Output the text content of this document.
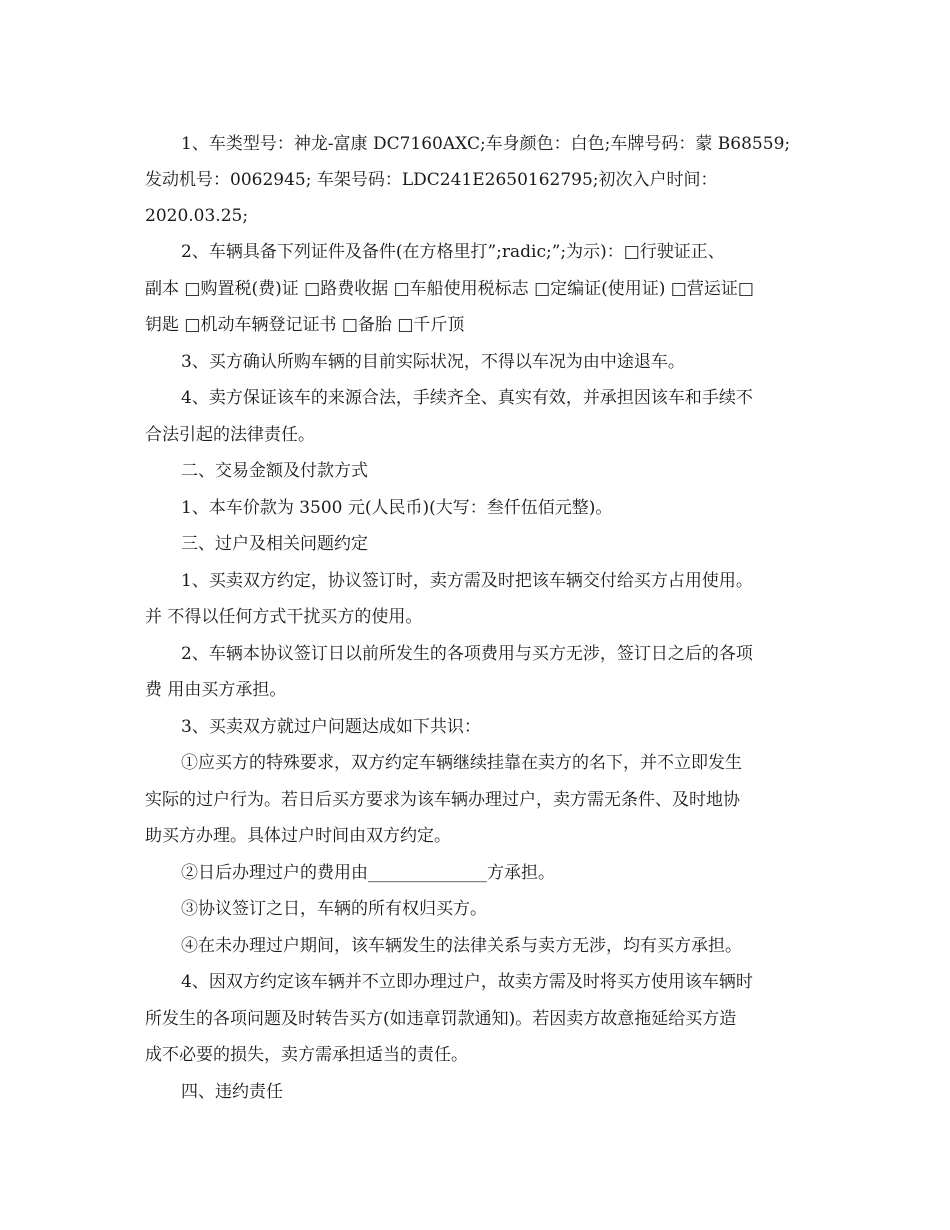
1、车类型号：神龙-富康 DC7160AXC;车身颜色：白色;车牌号码：蒙 B68559;
发动机号：0062945; 车架号码：LDC241E2650162795;初次入户时间：
2020.03.25;
2、车辆具备下列证件及备件(在方格里打”;radic;”;为示)：□行驶证正、
副本 □购置税(费)证 □路费收据 □车船使用税标志 □定编证(使用证) □营运证□
钥匙 □机动车辆登记证书 □备胎 □千斤顶
3、买方确认所购车辆的目前实际状况，不得以车况为由中途退车。
4、卖方保证该车的来源合法，手续齐全、真实有效，并承担因该车和手续不
合法引起的法律责任。
二、交易金额及付款方式
1、本车价款为 3500 元(人民币)(大写：叁仟伍佰元整)。
三、过户及相关问题约定
1、买卖双方约定，协议签订时，卖方需及时把该车辆交付给买方占用使用。
并 不得以任何方式干扰买方的使用。
2、车辆本协议签订日以前所发生的各项费用与买方无涉，签订日之后的各项
费 用由买方承担。
3、买卖双方就过户问题达成如下共识：
①应买方的特殊要求，双方约定车辆继续挂靠在卖方的名下，并不立即发生
实际的过户行为。若日后买方要求为该车辆办理过户，卖方需无条件、及时地协
助买方办理。具体过户时间由双方约定。
②日后办理过户的费用由______________方承担。
③协议签订之日，车辆的所有权归买方。
④在未办理过户期间，该车辆发生的法律关系与卖方无涉，均有买方承担。
4、因双方约定该车辆并不立即办理过户，故卖方需及时将买方使用该车辆时
所发生的各项问题及时转告买方(如违章罚款通知)。若因卖方故意拖延给买方造
成不必要的损失，卖方需承担适当的责任。
四、违约责任
